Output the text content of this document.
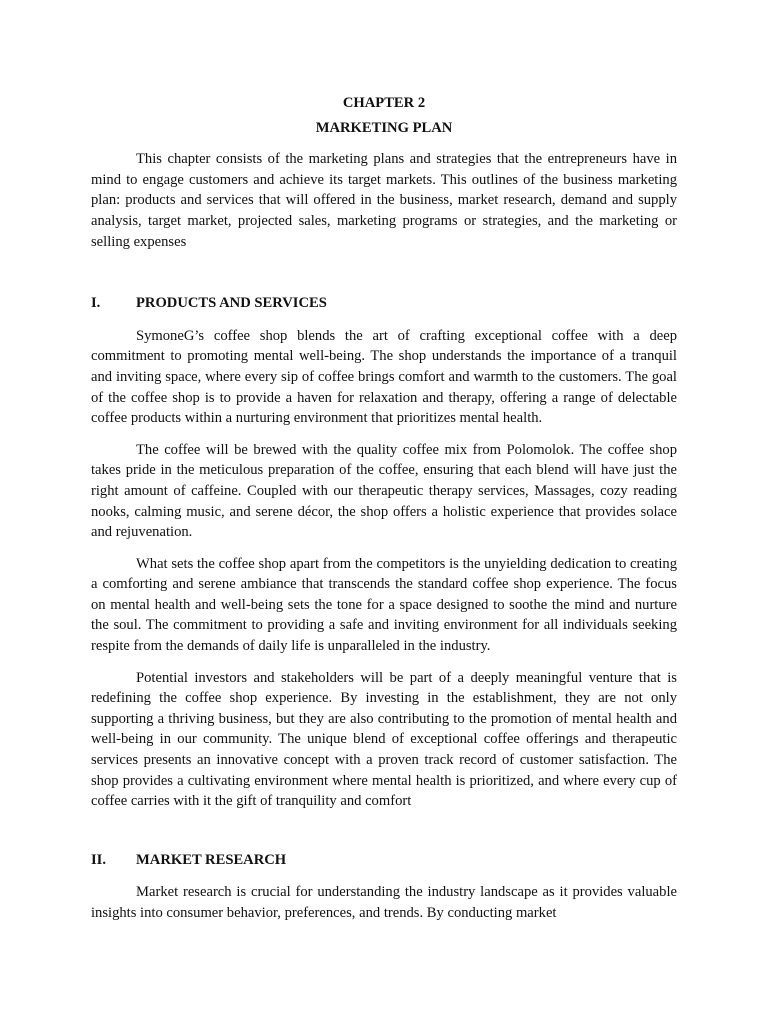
CHAPTER 2
MARKETING PLAN

This chapter consists of the marketing plans and strategies that the entrepreneurs have in mind to engage customers and achieve its target markets. This outlines of the business marketing plan: products and services that will offered in the business, market research, demand and supply analysis, target market, projected sales, marketing programs or strategies, and the marketing or selling expenses

I.	PRODUCTS AND SERVICES

SymoneG’s coffee shop blends the art of crafting exceptional coffee with a deep commitment to promoting mental well-being. The shop understands the importance of a tranquil and inviting space, where every sip of coffee brings comfort and warmth to the customers. The goal of the coffee shop is to provide a haven for relaxation and therapy, offering a range of delectable coffee products within a nurturing environment that prioritizes mental health.

The coffee will be brewed with the quality coffee mix from Polomolok. The coffee shop takes pride in the meticulous preparation of the coffee, ensuring that each blend will have just the right amount of caffeine. Coupled with our therapeutic therapy services, Massages, cozy reading nooks, calming music, and serene décor, the shop offers a holistic experience that provides solace and rejuvenation.

What sets the coffee shop apart from the competitors is the unyielding dedication to creating a comforting and serene ambiance that transcends the standard coffee shop experience. The focus on mental health and well-being sets the tone for a space designed to soothe the mind and nurture the soul. The commitment to providing a safe and inviting environment for all individuals seeking respite from the demands of daily life is unparalleled in the industry.

Potential investors and stakeholders will be part of a deeply meaningful venture that is redefining the coffee shop experience. By investing in the establishment, they are not only supporting a thriving business, but they are also contributing to the promotion of mental health and well-being in our community. The unique blend of exceptional coffee offerings and therapeutic services presents an innovative concept with a proven track record of customer satisfaction. The shop provides a cultivating environment where mental health is prioritized, and where every cup of coffee carries with it the gift of tranquility and comfort

II.	MARKET RESEARCH

Market research is crucial for understanding the industry landscape as it provides valuable insights into consumer behavior, preferences, and trends. By conducting market
